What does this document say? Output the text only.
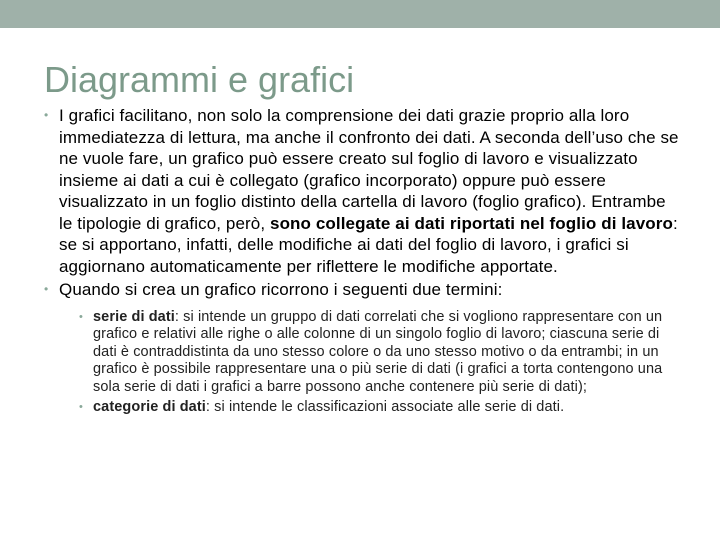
Diagrammi e grafici
• I grafici facilitano, non solo la comprensione dei dati grazie proprio alla loro immediatezza di lettura, ma anche il confronto dei dati. A seconda dell’uso che se ne vuole fare, un grafico può essere creato sul foglio di lavoro e visualizzato insieme ai dati a cui è collegato (grafico incorporato) oppure può essere visualizzato in un foglio distinto della cartella di lavoro (foglio grafico). Entrambe le tipologie di grafico, però, sono collegate ai dati riportati nel foglio di lavoro: se si apportano, infatti, delle modifiche ai dati del foglio di lavoro, i grafici si aggiornano automaticamente per riflettere le modifiche apportate.
• Quando si crea un grafico ricorrono i seguenti due termini:
• serie di dati: si intende un gruppo di dati correlati che si vogliono rappresentare con un grafico e relativi alle righe o alle colonne di un singolo foglio di lavoro; ciascuna serie di dati è contraddistinta da uno stesso colore o da uno stesso motivo o da entrambi; in un grafico è possibile rappresentare una o più serie di dati (i grafici a torta contengono una sola serie di dati i grafici a barre possono anche contenere più serie di dati);
• categorie di dati: si intende le classificazioni associate alle serie di dati.
